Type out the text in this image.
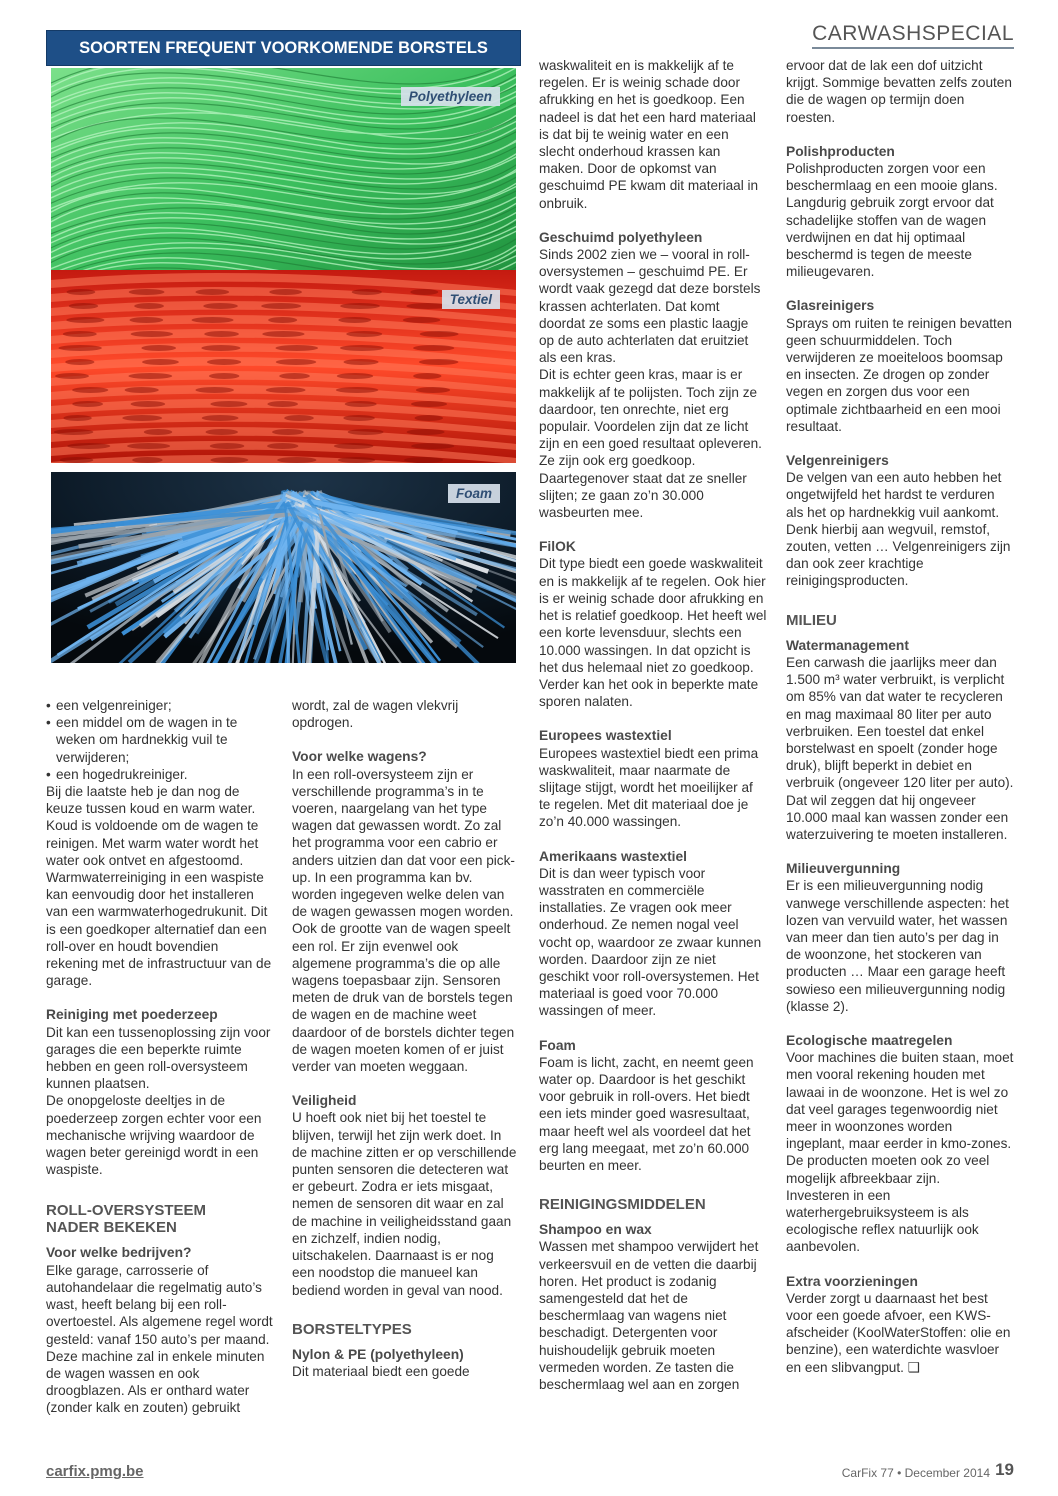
CARWASHSPECIAL
SOORTEN FREQUENT VOORKOMENDE BORSTELS
Polyethyleen
Textiel
Foam
• een velgenreiniger;
• een middel om de wagen in te weken om hardnekkig vuil te verwijderen;
• een hogedrukreiniger.

Bij die laatste heb je dan nog de keuze tussen koud en warm water. Koud is voldoende om de wagen te reinigen. Met warm water wordt het water ook ontvet en afgestoomd. Warmwaterreiniging in een waspiste kan eenvoudig door het installeren van een warmwaterhogedrukunit. Dit is een goedkoper alternatief dan een roll-over en houdt bovendien rekening met de infrastructuur van de garage.

Reiniging met poederzeep

Dit kan een tussenoplossing zijn voor garages die een beperkte ruimte hebben en geen roll-oversysteem kunnen plaatsen.

De onopgeloste deeltjes in de poederzeep zorgen echter voor een mechanische wrijving waardoor de wagen beter gereinigd wordt in een waspiste.

ROLL-OVERSYSTEEM NADER BEKEKEN
Voor welke bedrijven?

Elke garage, carrosserie of autohandelaar die regelmatig auto’s wast, heeft belang bij een roll-overtoestel. Als algemene regel wordt gesteld: vanaf 150 auto’s per maand. Deze machine zal in enkele minuten de wagen wassen en ook droogblazen. Als er onthard water (zonder kalk en zouten) gebruikt

wordt, zal de wagen vlekvrij opdrogen.

Voor welke wagens?

In een roll-oversysteem zijn er verschillende programma’s in te voeren, naargelang van het type wagen dat gewassen wordt. Zo zal het programma voor een cabrio er anders uitzien dan dat voor een pick-up. In een programma kan bv. worden ingegeven welke delen van de wagen gewassen mogen worden. Ook de grootte van de wagen speelt een rol. Er zijn evenwel ook algemene programma’s die op alle wagens toepasbaar zijn. Sensoren meten de druk van de borstels tegen de wagen en de machine weet daardoor of de borstels dichter tegen de wagen moeten komen of er juist verder van moeten weggaan.

Veiligheid

U hoeft ook niet bij het toestel te blijven, terwijl het zijn werk doet. In de machine zitten er op verschillende punten sensoren die detecteren wat er gebeurt. Zodra er iets misgaat, nemen de sensoren dit waar en zal de machine in veiligheidsstand gaan en zichzelf, indien nodig, uitschakelen. Daarnaast is er nog een noodstop die manueel kan bediend worden in geval van nood.

BORSTELTYPES
Nylon & PE (polyethyleen)

Dit materiaal biedt een goede

waskwaliteit en is makkelijk af te regelen. Er is weinig schade door afrukking en het is goedkoop. Een nadeel is dat het een hard materiaal is dat bij te weinig water en een slecht onderhoud krassen kan maken. Door de opkomst van geschuimd PE kwam dit materiaal in onbruik.

Geschuimd polyethyleen

Sinds 2002 zien we – vooral in roll-oversystemen – geschuimd PE. Er wordt vaak gezegd dat deze borstels krassen achterlaten. Dat komt doordat ze soms een plastic laagje op de auto achterlaten dat eruitziet als een kras.

Dit is echter geen kras, maar is er makkelijk af te polijsten. Toch zijn ze daardoor, ten onrechte, niet erg populair. Voordelen zijn dat ze licht zijn en een goed resultaat opleveren. Ze zijn ook erg goedkoop. Daartegenover staat dat ze sneller slijten; ze gaan zo’n 30.000 wasbeurten mee.

FilOK

Dit type biedt een goede waskwaliteit en is makkelijk af te regelen. Ook hier is er weinig schade door afrukking en het is relatief goedkoop. Het heeft wel een korte levensduur, slechts een 10.000 wassingen. In dat opzicht is het dus helemaal niet zo goedkoop. Verder kan het ook in beperkte mate sporen nalaten.

Europees wastextiel

Europees wastextiel biedt een prima waskwaliteit, maar naarmate de slijtage stijgt, wordt het moeilijker af te regelen. Met dit materiaal doe je zo’n 40.000 wassingen.

Amerikaans wastextiel

Dit is dan weer typisch voor wasstraten en commerciële installaties. Ze vragen ook meer onderhoud. Ze nemen nogal veel vocht op, waardoor ze zwaar kunnen worden. Daardoor zijn ze niet geschikt voor roll-oversystemen. Het materiaal is goed voor 70.000 wassingen of meer.

Foam

Foam is licht, zacht, en neemt geen water op. Daardoor is het geschikt voor gebruik in roll-overs. Het biedt een iets minder goed wasresultaat, maar heeft wel als voordeel dat het erg lang meegaat, met zo’n 60.000 beurten en meer.

REINIGINGSMIDDELEN
Shampoo en wax

Wassen met shampoo verwijdert het verkeersvuil en de vetten die daarbij horen. Het product is zodanig samengesteld dat het de beschermlaag van wagens niet beschadigt. Detergenten voor huishoudelijk gebruik moeten vermeden worden. Ze tasten die beschermlaag wel aan en zorgen

ervoor dat de lak een dof uitzicht krijgt. Sommige bevatten zelfs zouten die de wagen op termijn doen roesten.

Polishproducten

Polishproducten zorgen voor een beschermlaag en een mooie glans. Langdurig gebruik zorgt ervoor dat schadelijke stoffen van de wagen verdwijnen en dat hij optimaal beschermd is tegen de meeste milieugevaren.

Glasreinigers

Sprays om ruiten te reinigen bevatten geen schuurmiddelen. Toch verwijderen ze moeiteloos boomsap en insecten. Ze drogen op zonder vegen en zorgen dus voor een optimale zichtbaarheid en een mooi resultaat.

Velgenreinigers

De velgen van een auto hebben het ongetwijfeld het hardst te verduren als het op hardnekkig vuil aankomt. Denk hierbij aan wegvuil, remstof, zouten, vetten … Velgenreinigers zijn dan ook zeer krachtige reinigingsproducten.

MILIEU
Watermanagement

Een carwash die jaarlijks meer dan 1.500 m³ water verbruikt, is verplicht om 85% van dat water te recycleren en mag maximaal 80 liter per auto verbruiken. Een toestel dat enkel borstelwast en spoelt (zonder hoge druk), blijft beperkt in debiet en verbruik (ongeveer 120 liter per auto).

Dat wil zeggen dat hij ongeveer 10.000 maal kan wassen zonder een waterzuivering te moeten installeren.

Milieuvergunning

Er is een milieuvergunning nodig vanwege verschillende aspecten: het lozen van vervuild water, het wassen van meer dan tien auto’s per dag in de woonzone, het stockeren van producten … Maar een garage heeft sowieso een milieuvergunning nodig (klasse 2).

Ecologische maatregelen

Voor machines die buiten staan, moet men vooral rekening houden met lawaai in de woonzone. Het is wel zo dat veel garages tegenwoordig niet meer in woonzones worden ingeplant, maar eerder in kmo-zones. De producten moeten ook zo veel mogelijk afbreekbaar zijn.

Investeren in een waterhergebruiksysteem is als ecologische reflex natuurlijk ook aanbevolen.

Extra voorzieningen

Verder zorgt u daarnaast het best voor een goede afvoer, een KWS-afscheider (KoolWaterStoffen: olie en benzine), een waterdichte wasvloer en een slibvangput. ❑

carfix.pmg.be	CarFix 77 • December 2014 19
